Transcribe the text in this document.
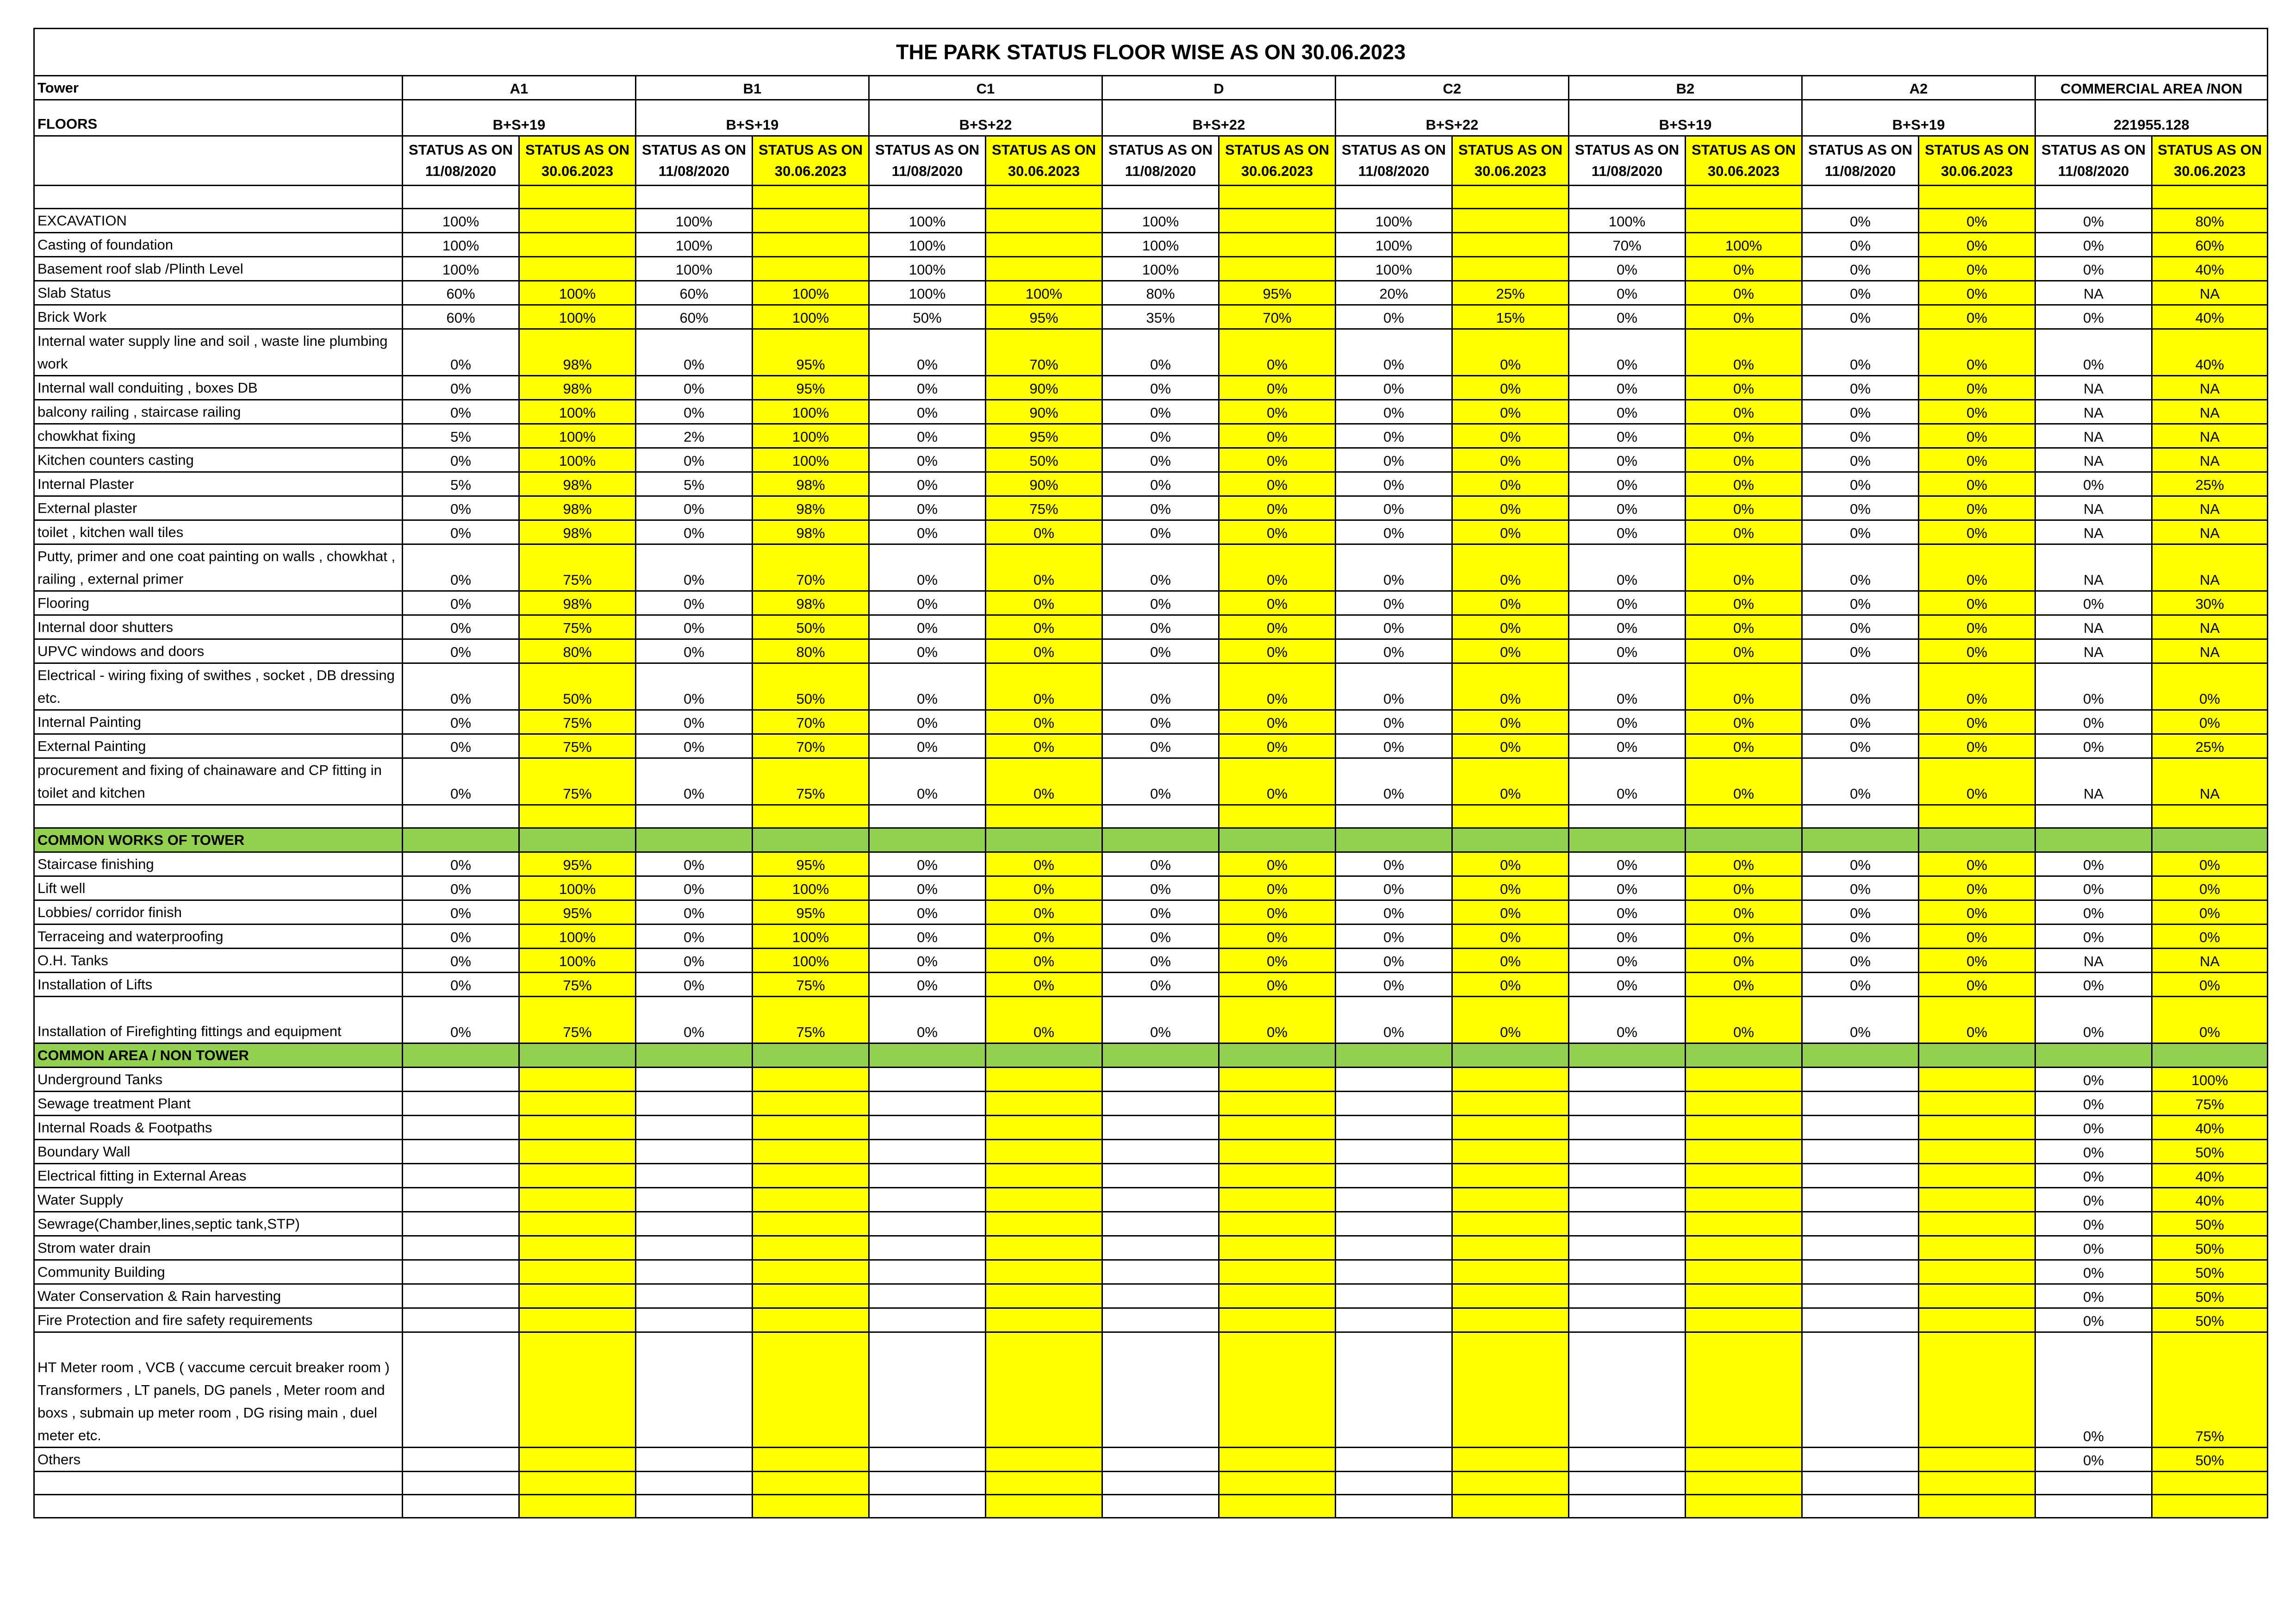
THE PARK STATUS FLOOR WISE AS ON 30.06.2023																
Tower	A1		B1		C1		D		C2		B2		A2		COMMERCIAL AREA /NON	
FLOORS	B+S+19		B+S+19		B+S+22		B+S+22		B+S+22		B+S+19		B+S+19		221955.128	
	STATUS AS ON 11/08/2020	STATUS AS ON 30.06.2023	STATUS AS ON 11/08/2020	STATUS AS ON 30.06.2023	STATUS AS ON 11/08/2020	STATUS AS ON 30.06.2023	STATUS AS ON 11/08/2020	STATUS AS ON 30.06.2023	STATUS AS ON 11/08/2020	STATUS AS ON 30.06.2023	STATUS AS ON 11/08/2020	STATUS AS ON 30.06.2023	STATUS AS ON 11/08/2020	STATUS AS ON 30.06.2023	STATUS AS ON 11/08/2020	STATUS AS ON 30.06.2023

EXCAVATION	100%		100%		100%		100%		100%		100%		0%	0%	0%	80%
Casting of foundation	100%		100%		100%		100%		100%		70%	100%	0%	0%	0%	60%
Basement roof slab /Plinth Level	100%		100%		100%		100%		100%		0%	0%	0%	0%	0%	40%
Slab Status	60%	100%	60%	100%	100%	100%	80%	95%	20%	25%	0%	0%	0%	0%	NA	NA
Brick Work	60%	100%	60%	100%	50%	95%	35%	70%	0%	15%	0%	0%	0%	0%	0%	40%
Internal water supply line and soil , waste line plumbing work	0%	98%	0%	95%	0%	70%	0%	0%	0%	0%	0%	0%	0%	0%	0%	40%
Internal wall conduiting , boxes DB	0%	98%	0%	95%	0%	90%	0%	0%	0%	0%	0%	0%	0%	0%	NA	NA
balcony railing , staircase railing	0%	100%	0%	100%	0%	90%	0%	0%	0%	0%	0%	0%	0%	0%	NA	NA
chowkhat fixing	5%	100%	2%	100%	0%	95%	0%	0%	0%	0%	0%	0%	0%	0%	NA	NA
Kitchen counters casting	0%	100%	0%	100%	0%	50%	0%	0%	0%	0%	0%	0%	0%	0%	NA	NA
Internal Plaster	5%	98%	5%	98%	0%	90%	0%	0%	0%	0%	0%	0%	0%	0%	0%	25%
External plaster	0%	98%	0%	98%	0%	75%	0%	0%	0%	0%	0%	0%	0%	0%	NA	NA
toilet , kitchen wall tiles	0%	98%	0%	98%	0%	0%	0%	0%	0%	0%	0%	0%	0%	0%	NA	NA
Putty, primer and one coat painting on walls , chowkhat , railing , external primer	0%	75%	0%	70%	0%	0%	0%	0%	0%	0%	0%	0%	0%	0%	NA	NA
Flooring	0%	98%	0%	98%	0%	0%	0%	0%	0%	0%	0%	0%	0%	0%	0%	30%
Internal door shutters	0%	75%	0%	50%	0%	0%	0%	0%	0%	0%	0%	0%	0%	0%	NA	NA
UPVC windows and doors	0%	80%	0%	80%	0%	0%	0%	0%	0%	0%	0%	0%	0%	0%	NA	NA
Electrical - wiring fixing of swithes , socket , DB dressing etc.	0%	50%	0%	50%	0%	0%	0%	0%	0%	0%	0%	0%	0%	0%	0%	0%
Internal Painting	0%	75%	0%	70%	0%	0%	0%	0%	0%	0%	0%	0%	0%	0%	0%	0%
External Painting	0%	75%	0%	70%	0%	0%	0%	0%	0%	0%	0%	0%	0%	0%	0%	25%
procurement and fixing of chainaware and CP fitting in toilet and kitchen	0%	75%	0%	75%	0%	0%	0%	0%	0%	0%	0%	0%	0%	0%	NA	NA

COMMON WORKS OF TOWER																
Staircase finishing	0%	95%	0%	95%	0%	0%	0%	0%	0%	0%	0%	0%	0%	0%	0%	0%
Lift well	0%	100%	0%	100%	0%	0%	0%	0%	0%	0%	0%	0%	0%	0%	0%	0%
Lobbies/ corridor finish	0%	95%	0%	95%	0%	0%	0%	0%	0%	0%	0%	0%	0%	0%	0%	0%
Terraceing and waterproofing	0%	100%	0%	100%	0%	0%	0%	0%	0%	0%	0%	0%	0%	0%	0%	0%
O.H. Tanks	0%	100%	0%	100%	0%	0%	0%	0%	0%	0%	0%	0%	0%	0%	NA	NA
Installation of Lifts	0%	75%	0%	75%	0%	0%	0%	0%	0%	0%	0%	0%	0%	0%	0%	0%
Installation of Firefighting fittings and equipment	0%	75%	0%	75%	0%	0%	0%	0%	0%	0%	0%	0%	0%	0%	0%	0%
COMMON AREA / NON TOWER																
Underground Tanks															0%	100%
Sewage treatment Plant															0%	75%
Internal Roads & Footpaths															0%	40%
Boundary Wall															0%	50%
Electrical fitting in External Areas															0%	40%
Water Supply															0%	40%
Sewrage(Chamber,lines,septic tank,STP)															0%	50%
Strom water drain															0%	50%
Community Building															0%	50%
Water Conservation & Rain harvesting															0%	50%
Fire Protection and fire safety requirements															0%	50%
HT Meter room , VCB ( vaccume cercuit breaker room ) Transformers , LT panels, DG panels , Meter room and boxs , submain up meter room , DG rising main , duel meter etc.															0%	75%
Others															0%	50%
